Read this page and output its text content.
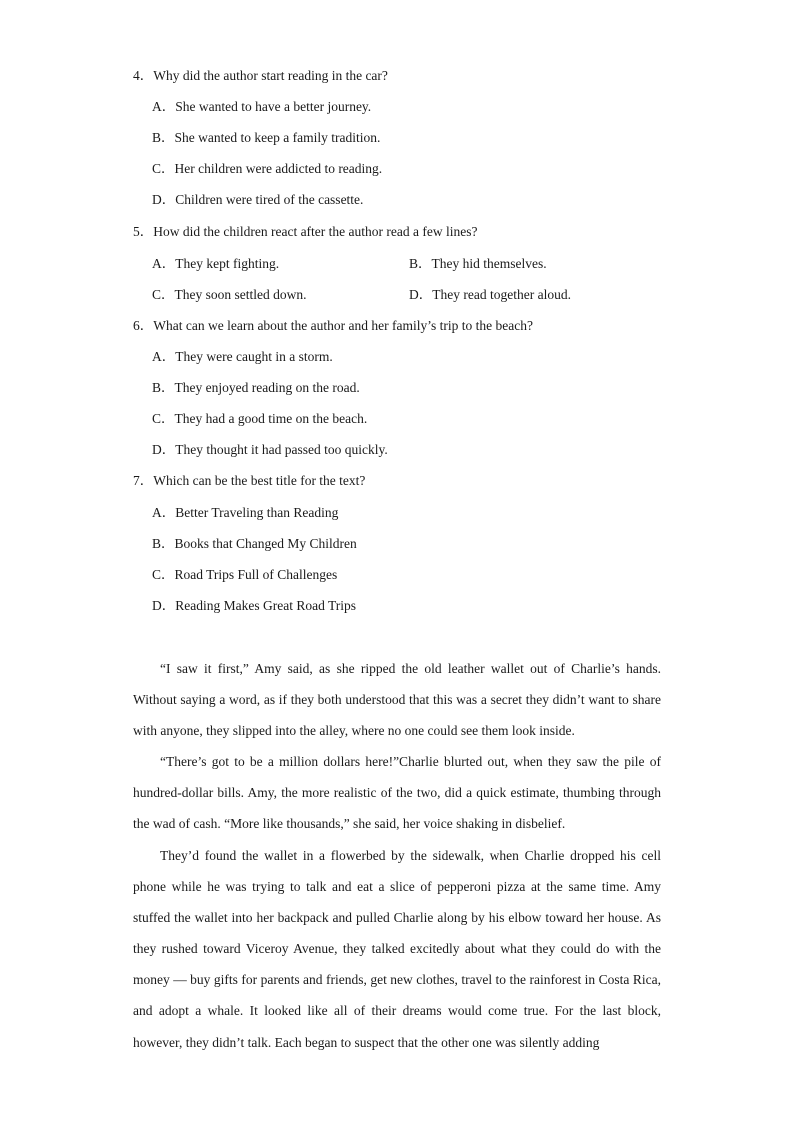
4．Why did the author start reading in the car?
A．She wanted to have a better journey.
B．She wanted to keep a family tradition.
C．Her children were addicted to reading.
D．Children were tired of the cassette.
5．How did the children react after the author read a few lines?
A．They kept fighting.	B．They hid themselves.
C．They soon settled down.	D．They read together aloud.
6．What can we learn about the author and her family’s trip to the beach?
A．They were caught in a storm.
B．They enjoyed reading on the road.
C．They had a good time on the beach.
D．They thought it had passed too quickly.
7．Which can be the best title for the text?
A．Better Traveling than Reading
B．Books that Changed My Children
C．Road Trips Full of Challenges
D．Reading Makes Great Road Trips

“I saw it first,” Amy said, as she ripped the old leather wallet out of Charlie’s hands. Without saying a word, as if they both understood that this was a secret they didn’t want to share with anyone, they slipped into the alley, where no one could see them look inside.

“There’s got to be a million dollars here!”Charlie blurted out, when they saw the pile of hundred-dollar bills. Amy, the more realistic of the two, did a quick estimate, thumbing through the wad of cash. “More like thousands,” she said, her voice shaking in disbelief.

They’d found the wallet in a flowerbed by the sidewalk, when Charlie dropped his cell phone while he was trying to talk and eat a slice of pepperoni pizza at the same time. Amy stuffed the wallet into her backpack and pulled Charlie along by his elbow toward her house. As they rushed toward Viceroy Avenue, they talked excitedly about what they could do with the money — buy gifts for parents and friends, get new clothes, travel to the rainforest in Costa Rica, and adopt a whale. It looked like all of their dreams would come true. For the last block, however, they didn’t talk. Each began to suspect that the other one was silently adding
